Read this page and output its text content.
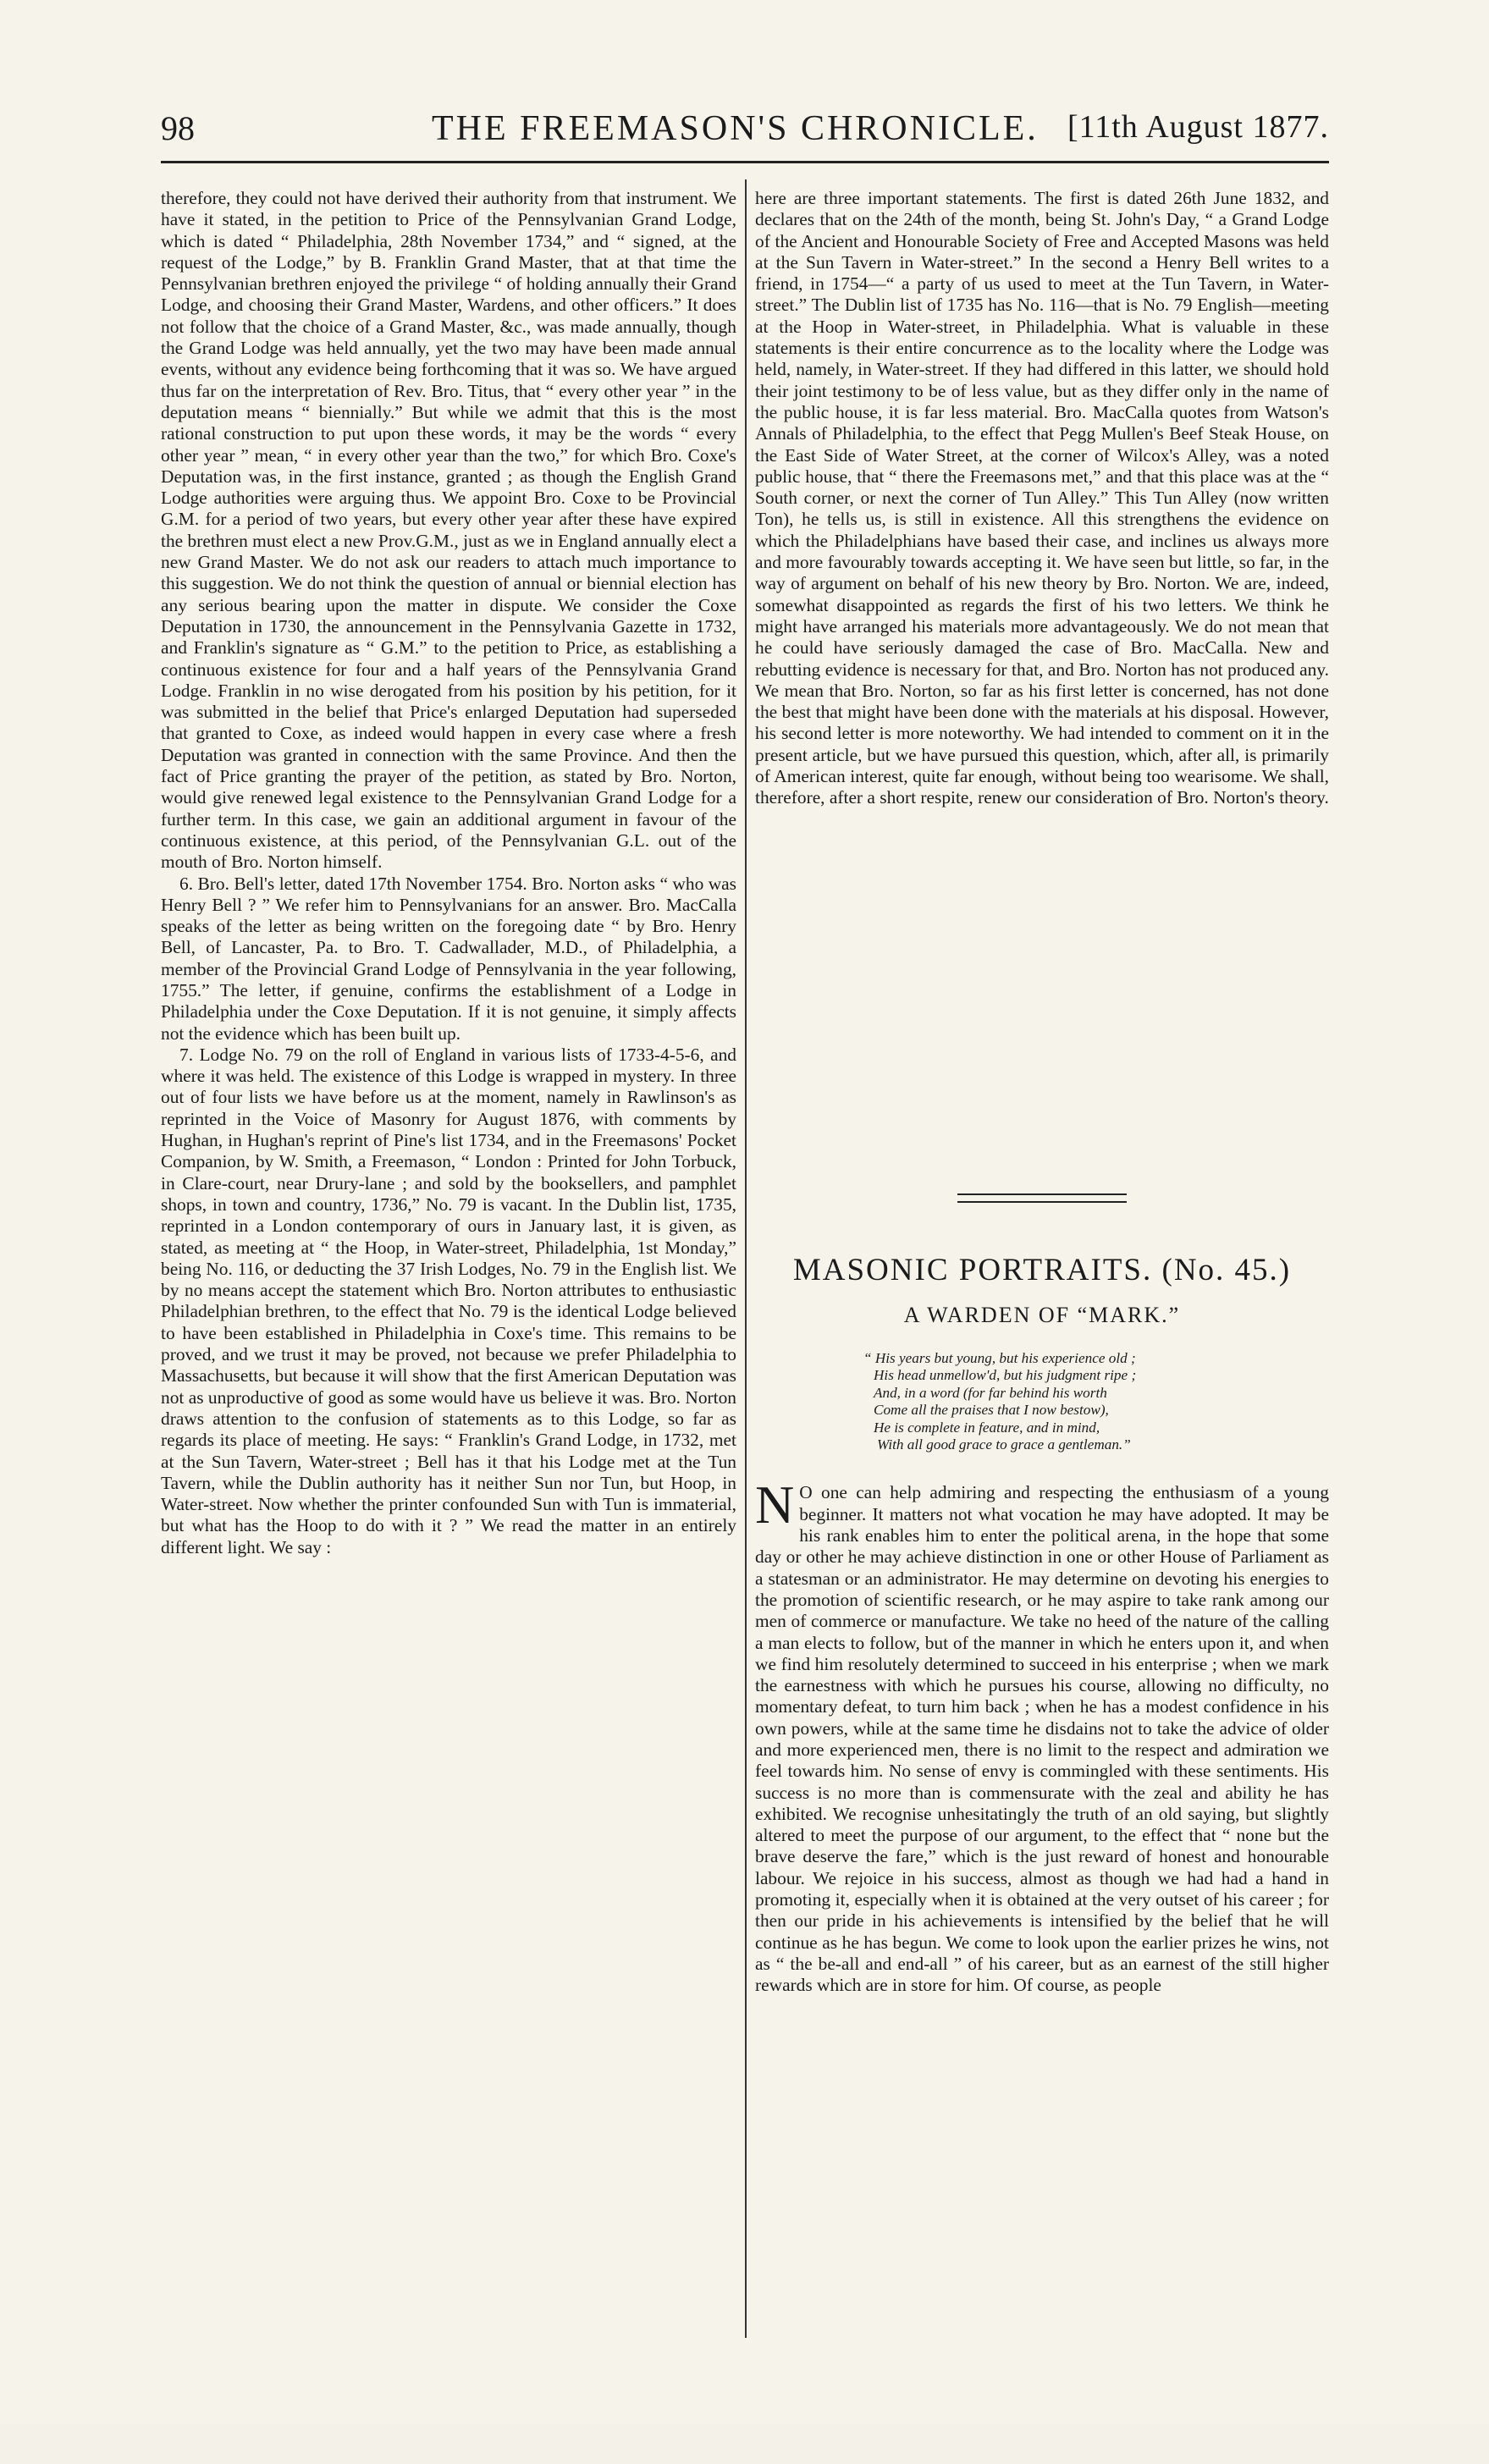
98	THE FREEMASON'S CHRONICLE. [11th August 1877.

therefore, they could not have derived their authority from that instrument. We have it stated, in the petition to Price of the Pennsylvanian Grand Lodge, which is dated “ Philadelphia, 28th November 1734,” and “ signed, at the request of the Lodge,” by B. Franklin Grand Master, that at that time the Pennsylvanian brethren enjoyed the privilege “ of holding annually their Grand Lodge, and choosing their Grand Master, Wardens, and other officers.” It does not follow that the choice of a Grand Master, &c., was made annually, though the Grand Lodge was held annually, yet the two may have been made annual events, without any evidence being forthcoming that it was so. We have argued thus far on the interpretation of Rev. Bro. Titus, that “ every other year ” in the deputation means “ biennially.” But while we admit that this is the most rational construction to put upon these words, it may be the words “ every other year ” mean, “ in every other year than the two,” for which Bro. Coxe's Deputation was, in the first instance, granted ; as though the English Grand Lodge authorities were arguing thus. We appoint Bro. Coxe to be Provincial G.M. for a period of two years, but every other year after these have expired the brethren must elect a new Prov.G.M., just as we in England annually elect a new Grand Master. We do not ask our readers to attach much importance to this suggestion. We do not think the question of annual or biennial election has any serious bearing upon the matter in dispute. We consider the Coxe Deputation in 1730, the announcement in the Pennsylvania Gazette in 1732, and Franklin's signature as “ G.M.” to the petition to Price, as establishing a continuous existence for four and a half years of the Pennsylvania Grand Lodge. Franklin in no wise derogated from his position by his petition, for it was submitted in the belief that Price's enlarged Deputation had superseded that granted to Coxe, as indeed would happen in every case where a fresh Deputation was granted in connection with the same Province. And then the fact of Price granting the prayer of the petition, as stated by Bro. Norton, would give renewed legal existence to the Pennsylvanian Grand Lodge for a further term. In this case, we gain an additional argument in favour of the continuous existence, at this period, of the Pennsylvanian G.L. out of the mouth of Bro. Norton himself.

6. Bro. Bell's letter, dated 17th November 1754. Bro. Norton asks “ who was Henry Bell ? ” We refer him to Pennsylvanians for an answer. Bro. MacCalla speaks of the letter as being written on the foregoing date “ by Bro. Henry Bell, of Lancaster, Pa. to Bro. T. Cadwallader, M.D., of Philadelphia, a member of the Provincial Grand Lodge of Pennsylvania in the year following, 1755.” The letter, if genuine, confirms the establishment of a Lodge in Philadelphia under the Coxe Deputation. If it is not genuine, it simply affects not the evidence which has been built up.

7. Lodge No. 79 on the roll of England in various lists of 1733-4-5-6, and where it was held. The existence of this Lodge is wrapped in mystery. In three out of four lists we have before us at the moment, namely in Rawlinson's as reprinted in the Voice of Masonry for August 1876, with comments by Hughan, in Hughan's reprint of Pine's list 1734, and in the Freemasons' Pocket Companion, by W. Smith, a Freemason, “ London : Printed for John Torbuck, in Clare-court, near Drury-lane ; and sold by the booksellers, and pamphlet shops, in town and country, 1736,” No. 79 is vacant. In the Dublin list, 1735, reprinted in a London contemporary of ours in January last, it is given, as stated, as meeting at “ the Hoop, in Water-street, Philadelphia, 1st Monday,” being No. 116, or deducting the 37 Irish Lodges, No. 79 in the English list. We by no means accept the statement which Bro. Norton attributes to enthusiastic Philadelphian brethren, to the effect that No. 79 is the identical Lodge believed to have been established in Philadelphia in Coxe's time. This remains to be proved, and we trust it may be proved, not because we prefer Philadelphia to Massachusetts, but because it will show that the first American Deputation was not as unproductive of good as some would have us believe it was. Bro. Norton draws attention to the confusion of statements as to this Lodge, so far as regards its place of meeting. He says: “ Franklin's Grand Lodge, in 1732, met at the Sun Tavern, Water-street ; Bell has it that his Lodge met at the Tun Tavern, while the Dublin authority has it neither Sun nor Tun, but Hoop, in Water-street. Now whether the printer confounded Sun with Tun is immaterial, but what has the Hoop to do with it ? ” We read the matter in an entirely different light. We say :

here are three important statements. The first is dated 26th June 1832, and declares that on the 24th of the month, being St. John's Day, “ a Grand Lodge of the Ancient and Honourable Society of Free and Accepted Masons was held at the Sun Tavern in Water-street.” In the second a Henry Bell writes to a friend, in 1754—“ a party of us used to meet at the Tun Tavern, in Water-street.” The Dublin list of 1735 has No. 116—that is No. 79 English—meeting at the Hoop in Water-street, in Philadelphia. What is valuable in these statements is their entire concurrence as to the locality where the Lodge was held, namely, in Water-street. If they had differed in this latter, we should hold their joint testimony to be of less value, but as they differ only in the name of the public house, it is far less material. Bro. MacCalla quotes from Watson's Annals of Philadelphia, to the effect that Pegg Mullen's Beef Steak House, on the East Side of Water Street, at the corner of Wilcox's Alley, was a noted public house, that “ there the Freemasons met,” and that this place was at the “ South corner, or next the corner of Tun Alley.” This Tun Alley (now written Ton), he tells us, is still in existence. All this strengthens the evidence on which the Philadelphians have based their case, and inclines us always more and more favourably towards accepting it. We have seen but little, so far, in the way of argument on behalf of his new theory by Bro. Norton. We are, indeed, somewhat disappointed as regards the first of his two letters. We think he might have arranged his materials more advantageously. We do not mean that he could have seriously damaged the case of Bro. MacCalla. New and rebutting evidence is necessary for that, and Bro. Norton has not produced any. We mean that Bro. Norton, so far as his first letter is concerned, has not done the best that might have been done with the materials at his disposal. However, his second letter is more noteworthy. We had intended to comment on it in the present article, but we have pursued this question, which, after all, is primarily of American interest, quite far enough, without being too wearisome. We shall, therefore, after a short respite, renew our consideration of Bro. Norton's theory.

MASONIC PORTRAITS. (No. 45.)
A WARDEN OF “MARK.”
“ His years but young, but his experience old ;
His head unmellow'd, but his judgment ripe ;
And, in a word (for far behind his worth
Come all the praises that I now bestow),
He is complete in feature, and in mind,
With all good grace to grace a gentleman.”

N O one can help admiring and respecting the enthusiasm of a young beginner. It matters not what vocation he may have adopted. It may be his rank enables him to enter the political arena, in the hope that some day or other he may achieve distinction in one or other House of Parliament as a statesman or an administrator. He may determine on devoting his energies to the promotion of scientific research, or he may aspire to take rank among our men of commerce or manufacture. We take no heed of the nature of the calling a man elects to follow, but of the manner in which he enters upon it, and when we find him resolutely determined to succeed in his enterprise ; when we mark the earnestness with which he pursues his course, allowing no difficulty, no momentary defeat, to turn him back ; when he has a modest confidence in his own powers, while at the same time he disdains not to take the advice of older and more experienced men, there is no limit to the respect and admiration we feel towards him. No sense of envy is commingled with these sentiments. His success is no more than is commensurate with the zeal and ability he has exhibited. We recognise unhesitatingly the truth of an old saying, but slightly altered to meet the purpose of our argument, to the effect that “ none but the brave deserve the fare,” which is the just reward of honest and honourable labour. We rejoice in his success, almost as though we had had a hand in promoting it, especially when it is obtained at the very outset of his career ; for then our pride in his achievements is intensified by the belief that he will continue as he has begun. We come to look upon the earlier prizes he wins, not as “ the be-all and end-all ” of his career, but as an earnest of the still higher rewards which are in store for him. Of course, as people
